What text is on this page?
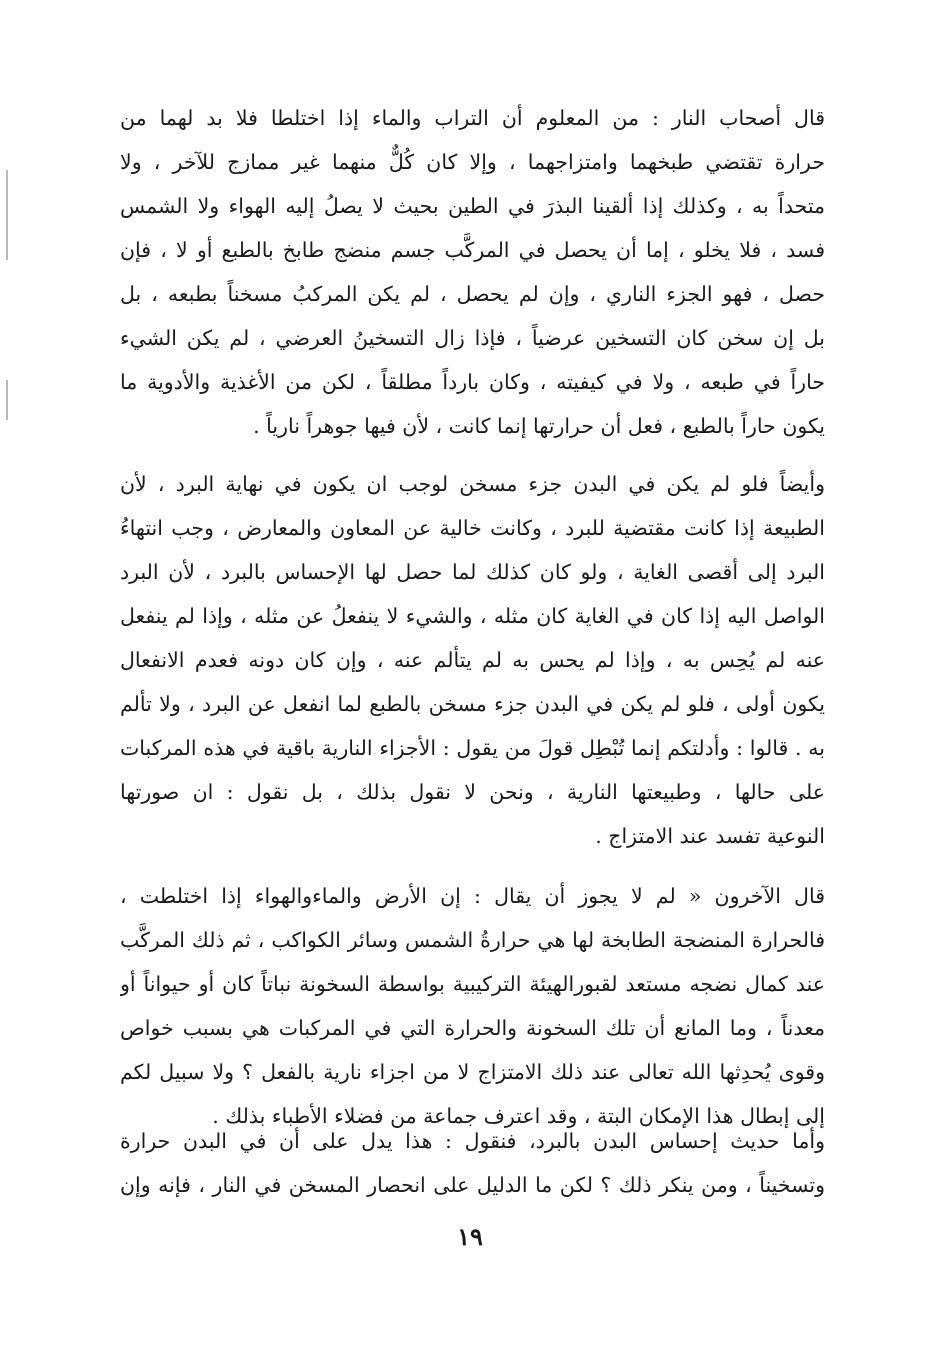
قال أصحاب النار : من المعلوم أن التراب والماء إذا اختلطا فلا بد لهما من
حرارة تقتضي طبخهما وامتزاجهما ، وإلا كان كُلٌّ منهما غير ممازج للآخر ، ولا
متحداً به ، وكذلك إذا ألقينا البذرَ في الطين بحيث لا يصلُ إليه الهواء ولا الشمس
فسد ، فلا يخلو ، إما أن يحصل في المركَّب جسم منضج طابخ بالطبع أو لا ، فإن
حصل ، فهو الجزء الناري ، وإن لم يحصل ، لم يكن المركبُ مسخناً بطبعه ، بل
بل إن سخن كان التسخين عرضياً ، فإذا زال التسخينُ العرضي ، لم يكن الشيء
حاراً في طبعه ، ولا في كيفيته ، وكان بارداً مطلقاً ، لكن من الأغذية والأدوية ما
يكون حاراً بالطبع ، فعل أن حرارتها إنما كانت ، لأن فيها جوهراً نارياً .
وأيضاً فلو لم يكن في البدن جزء مسخن لوجب ان يكون في نهاية البرد ، لأن
الطبيعة إذا كانت مقتضية للبرد ، وكانت خالية عن المعاون والمعارض ، وجب انتهاءُ
البرد إلى أقصى الغاية ، ولو كان كذلك لما حصل لها الإحساس بالبرد ، لأن البرد
الواصل اليه إذا كان في الغاية كان مثله ، والشيء لا ينفعلُ عن مثله ، وإذا لم ينفعل
عنه لم يُحِس به ، وإذا لم يحس به لم يتألم عنه ، وإن كان دونه فعدم الانفعال
يكون أولى ، فلو لم يكن في البدن جزء مسخن بالطبع لما انفعل عن البرد ، ولا تألم
به . قالوا : وأدلتكم إنما تُبْطِل قولَ من يقول : الأجزاء النارية باقية في هذه المركبات
على حالها ، وطبيعتها النارية ، ونحن لا نقول بذلك ، بل نقول : ان صورتها
النوعية تفسد عند الامتزاج .
قال الآخرون « لم لا يجوز أن يقال : إن الأرض والماءوالهواء إذا اختلطت ،
فالحرارة المنضجة الطابخة لها هي حرارةُ الشمس وسائر الكواكب ، ثم ذلك المركَّب
عند كمال نضجه مستعد لقبورالهيئة التركيبية بواسطة السخونة نباتاً كان أو حيواناً أو
معدناً ، وما المانع أن تلك السخونة والحرارة التي في المركبات هي بسبب خواص
وقوى يُحدِثها الله تعالى عند ذلك الامتزاج لا من اجزاء نارية بالفعل ؟ ولا سبيل لكم
إلى إبطال هذا الإمكان البتة ، وقد اعترف جماعة من فضلاء الأطباء بذلك .
وأما حديث إحساس البدن بالبرد، فنقول : هذا يدل على أن في البدن حرارة
وتسخيناً ، ومن ينكر ذلك ؟ لكن ما الدليل على انحصار المسخن في النار ، فإنه وإن
١٩
